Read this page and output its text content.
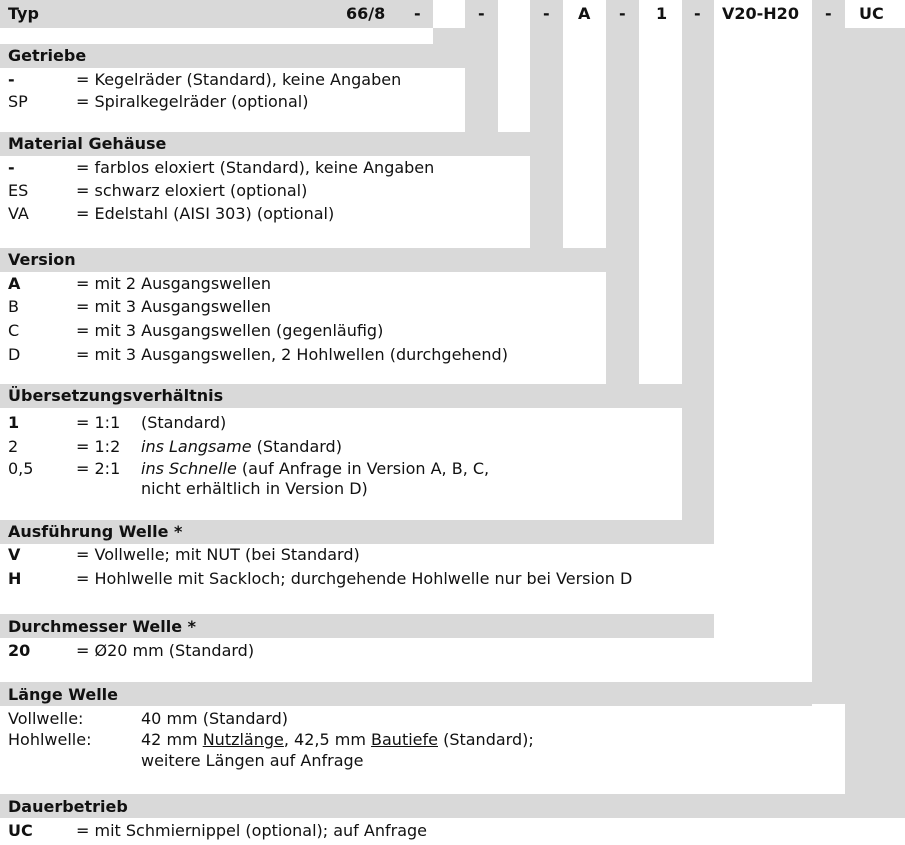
Typ	66/8 -	-	- A - 1 - V20-H20 - UC
Getriebe
-	= Kegelräder (Standard), keine Angaben
SP	= Spiralkegelräder (optional)
Material Gehäuse
-	= farblos eloxiert (Standard), keine Angaben
ES	= schwarz eloxiert (optional)
VA	= Edelstahl (AISI 303) (optional)
Version
A	= mit 2 Ausgangswellen
B	= mit 3 Ausgangswellen
C	= mit 3 Ausgangswellen (gegenläufig)
D	= mit 3 Ausgangswellen, 2 Hohlwellen (durchgehend)
Übersetzungsverhältnis
1	= 1:1 (Standard)
2	= 1:2 ins Langsame (Standard)
0,5	= 2:1 ins Schnelle (auf Anfrage in Version A, B, C,
nicht erhältlich in Version D)
Ausführung Welle *
V	= Vollwelle; mit NUT (bei Standard)
H	= Hohlwelle mit Sackloch; durchgehende Hohlwelle nur bei Version D
Durchmesser Welle *
20	= Ø20 mm (Standard)
Länge Welle
Vollwelle:	40 mm (Standard)
Hohlwelle:	42 mm Nutzlänge, 42,5 mm Bautiefe (Standard);
weitere Längen auf Anfrage
Dauerbetrieb
UC	= mit Schmiernippel (optional); auf Anfrage
